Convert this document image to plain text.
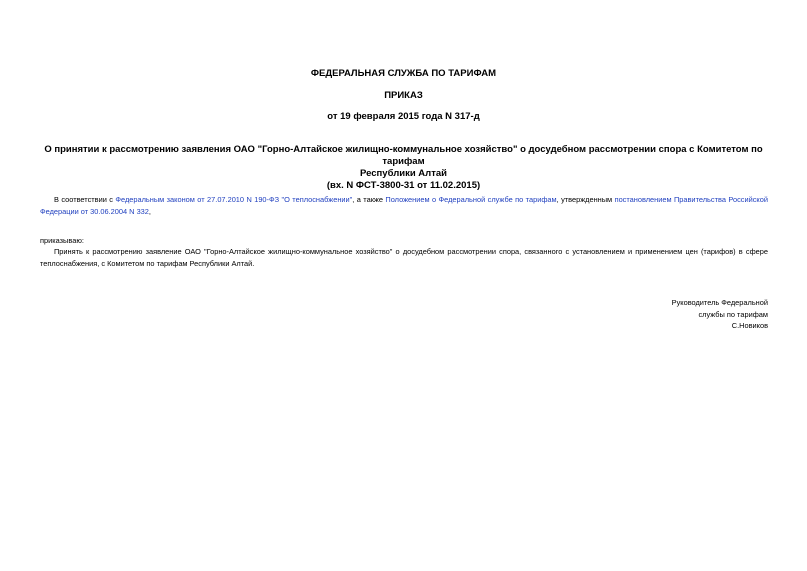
ФЕДЕРАЛЬНАЯ СЛУЖБА ПО ТАРИФАМ
ПРИКАЗ
от 19 февраля 2015 года N 317-д
О принятии к рассмотрению заявления ОАО "Горно-Алтайское жилищно-коммунальное хозяйство" о досудебном рассмотрении спора с Комитетом по тарифам
Республики Алтай
(вх. N ФСТ-3800-31 от 11.02.2015)
В соответствии с Федеральным законом от 27.07.2010 N 190-ФЗ "О теплоснабжении", а также Положением о Федеральной службе по тарифам, утвержденным постановлением Правительства Российской Федерации от 30.06.2004 N 332,
приказываю:
Принять к рассмотрению заявление ОАО "Горно-Алтайское жилищно-коммунальное хозяйство" о досудебном рассмотрении спора, связанного с установлением и применением цен (тарифов) в сфере теплоснабжения, с Комитетом по тарифам Республики Алтай.
Руководитель Федеральной
службы по тарифам
С.Новиков
